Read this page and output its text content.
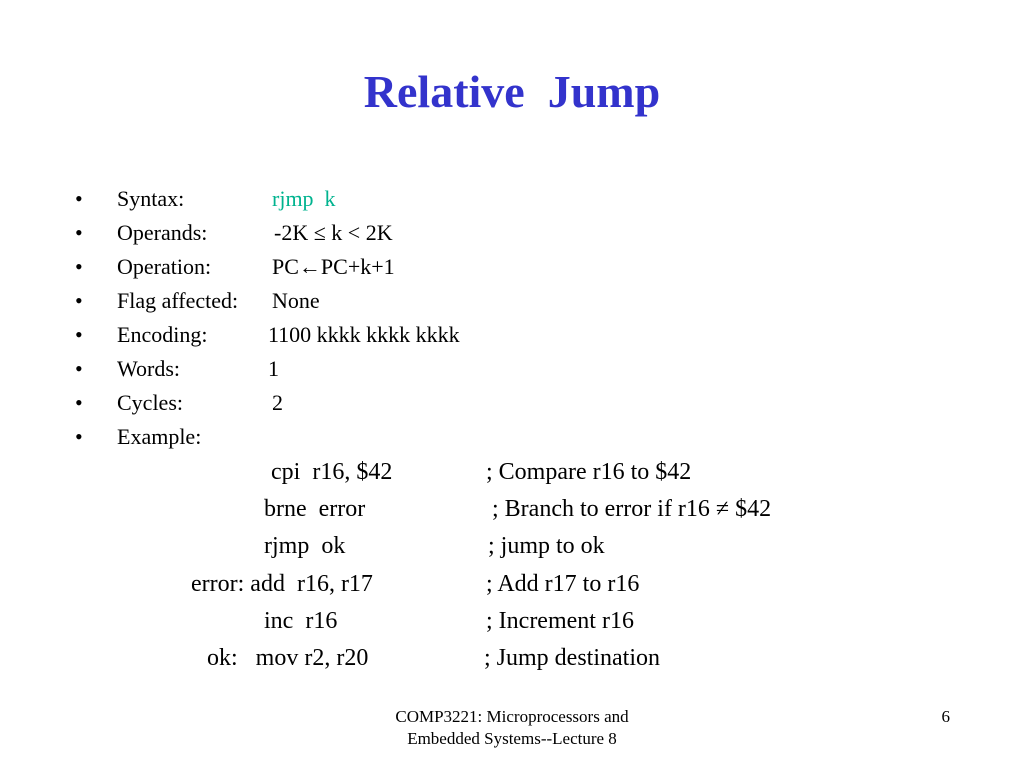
Relative  Jump

•

Syntax:

	rjmp  k

•

Operands:

	-2K ≤ k < 2K

•

Operation:

	PC←PC+k+1

•

Flag affected:

None

•

Encoding:

	1100 kkkk kkkk kkkk

•

Words:

	1

•

Cycles:

	2

•

Example:

cpi  r16, $42	; Compare r16 to $42
brne  error	; Branch to error if r16 ≠ $42
rjmp  ok	; jump to ok
error: add  r16, r17	; Add r17 to r16
inc  r16	; Increment r16
ok:   mov r2, r20	; Jump destination
COMP3221: Microprocessors and
Embedded Systems--Lecture 8
6
